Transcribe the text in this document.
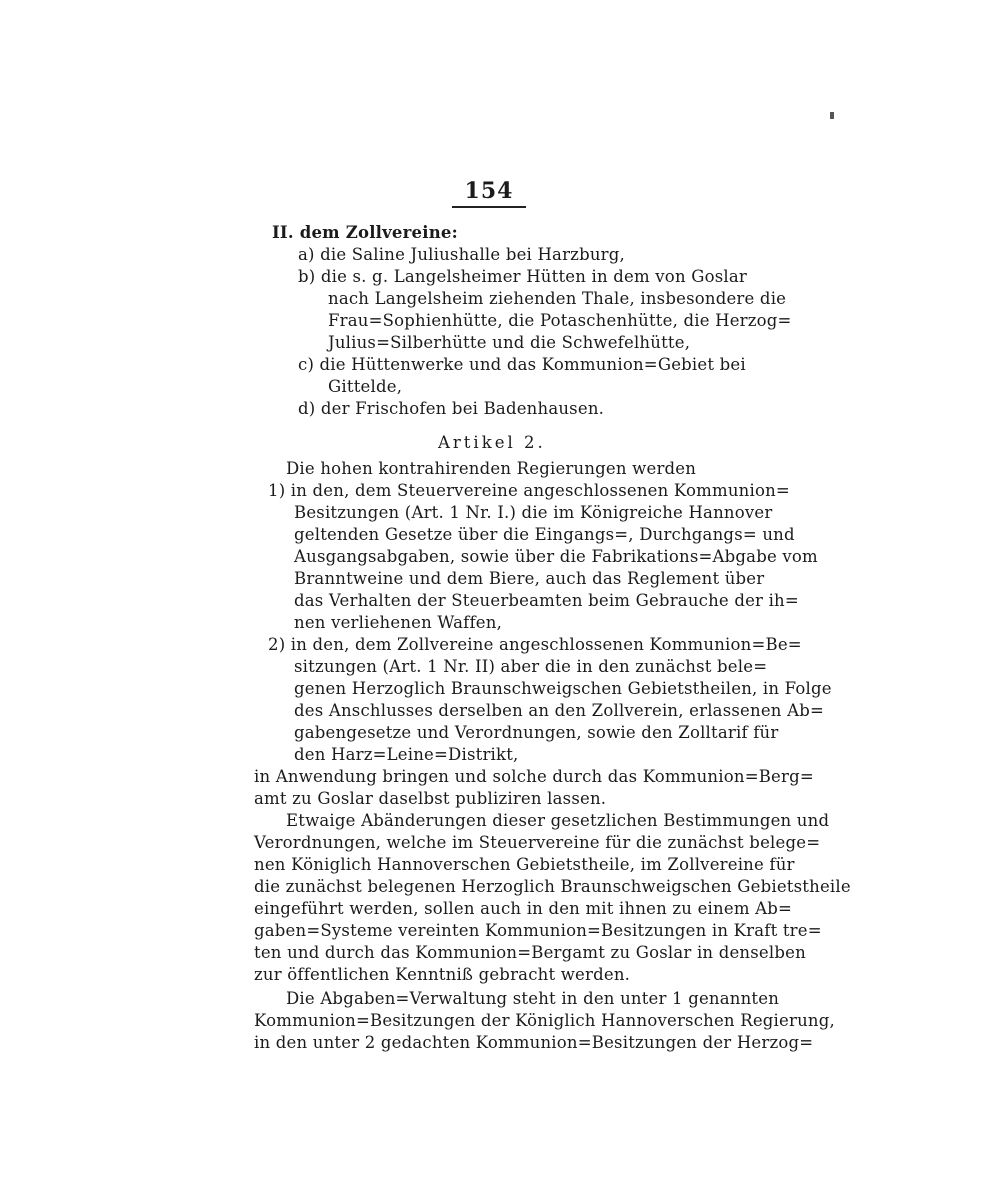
154
II. dem Zollvereine:
a) die Saline Juliushalle bei Harzburg,
b) die s. g. Langelsheimer Hütten in dem von Goslar
nach Langelsheim ziehenden Thale, insbesondere die
Frau=Sophienhütte, die Potaschenhütte, die Herzog=
Julius=Silberhütte und die Schwefelhütte,
c) die Hüttenwerke und das Kommunion=Gebiet bei
Gittelde,
d) der Frischofen bei Badenhausen.
Artikel 2.
Die hohen kontrahirenden Regierungen werden
1) in den, dem Steuervereine angeschlossenen Kommunion=
Besitzungen (Art. 1 Nr. I.) die im Königreiche Hannover
geltenden Gesetze über die Eingangs=, Durchgangs= und
Ausgangsabgaben, sowie über die Fabrikations=Abgabe vom
Branntweine und dem Biere, auch das Reglement über
das Verhalten der Steuerbeamten beim Gebrauche der ih=
nen verliehenen Waffen,
2) in den, dem Zollvereine angeschlossenen Kommunion=Be=
sitzungen (Art. 1 Nr. II) aber die in den zunächst bele=
genen Herzoglich Braunschweigschen Gebietstheilen, in Folge
des Anschlusses derselben an den Zollverein, erlassenen Ab=
gabengesetze und Verordnungen, sowie den Zolltarif für
den Harz=Leine=Distrikt,
in Anwendung bringen und solche durch das Kommunion=Berg=
amt zu Goslar daselbst publiziren lassen.
Etwaige Abänderungen dieser gesetzlichen Bestimmungen und
Verordnungen, welche im Steuervereine für die zunächst belege=
nen Königlich Hannoverschen Gebietstheile, im Zollvereine für
die zunächst belegenen Herzoglich Braunschweigschen Gebietstheile
eingeführt werden, sollen auch in den mit ihnen zu einem Ab=
gaben=Systeme vereinten Kommunion=Besitzungen in Kraft tre=
ten und durch das Kommunion=Bergamt zu Goslar in denselben
zur öffentlichen Kenntniß gebracht werden.
Die Abgaben=Verwaltung steht in den unter 1 genannten
Kommunion=Besitzungen der Königlich Hannoverschen Regierung,
in den unter 2 gedachten Kommunion=Besitzungen der Herzog=
